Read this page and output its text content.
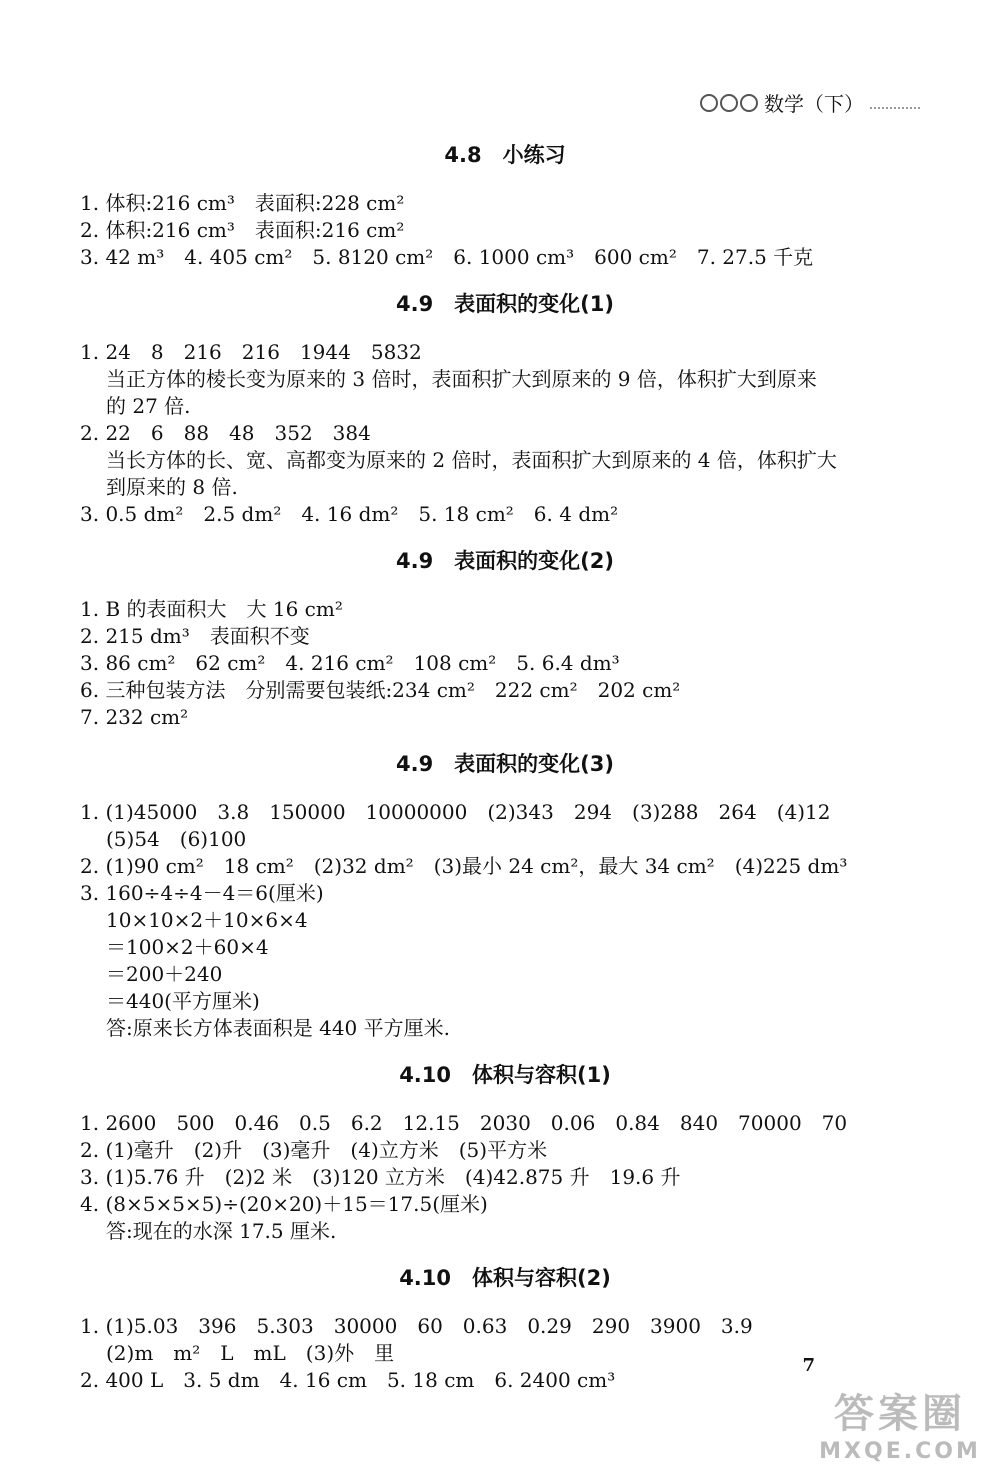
数学（下）
4.8　小练习
1. 体积:216 cm³　表面积:228 cm²
2. 体积:216 cm³　表面积:216 cm²
3. 42 m³　4. 405 cm²　5. 8120 cm²　6. 1000 cm³　600 cm²　7. 27.5 千克
4.9　表面积的变化(1)
1. 24　8　216　216　1944　5832
当正方体的棱长变为原来的 3 倍时，表面积扩大到原来的 9 倍，体积扩大到原来
的 27 倍.
2. 22　6　88　48　352　384
当长方体的长、宽、高都变为原来的 2 倍时，表面积扩大到原来的 4 倍，体积扩大
到原来的 8 倍.
3. 0.5 dm²　2.5 dm²　4. 16 dm²　5. 18 cm²　6. 4 dm²
4.9　表面积的变化(2)
1. B 的表面积大　大 16 cm²
2. 215 dm³　表面积不变
3. 86 cm²　62 cm²　4. 216 cm²　108 cm²　5. 6.4 dm³
6. 三种包装方法　分别需要包装纸:234 cm²　222 cm²　202 cm²
7. 232 cm²
4.9　表面积的变化(3)
1. (1)45000　3.8　150000　10000000　(2)343　294　(3)288　264　(4)12
(5)54　(6)100
2. (1)90 cm²　18 cm²　(2)32 dm²　(3)最小 24 cm²，最大 34 cm²　(4)225 dm³
3. 160÷4÷4－4＝6(厘米)
10×10×2＋10×6×4
＝100×2＋60×4
＝200＋240
＝440(平方厘米)
答:原来长方体表面积是 440 平方厘米.
4.10　体积与容积(1)
1. 2600　500　0.46　0.5　6.2　12.15　2030　0.06　0.84　840　70000　70
2. (1)毫升　(2)升　(3)毫升　(4)立方米　(5)平方米
3. (1)5.76 升　(2)2 米　(3)120 立方米　(4)42.875 升　19.6 升
4. (8×5×5×5)÷(20×20)＋15＝17.5(厘米)
答:现在的水深 17.5 厘米.
4.10　体积与容积(2)
1. (1)5.03　396　5.303　30000　60　0.63　0.29　290　3900　3.9
(2)m　m²　L　mL　(3)外　里
2. 400 L　3. 5 dm　4. 16 cm　5. 18 cm　6. 2400 cm³
7
答案圈
MXQE.COM
